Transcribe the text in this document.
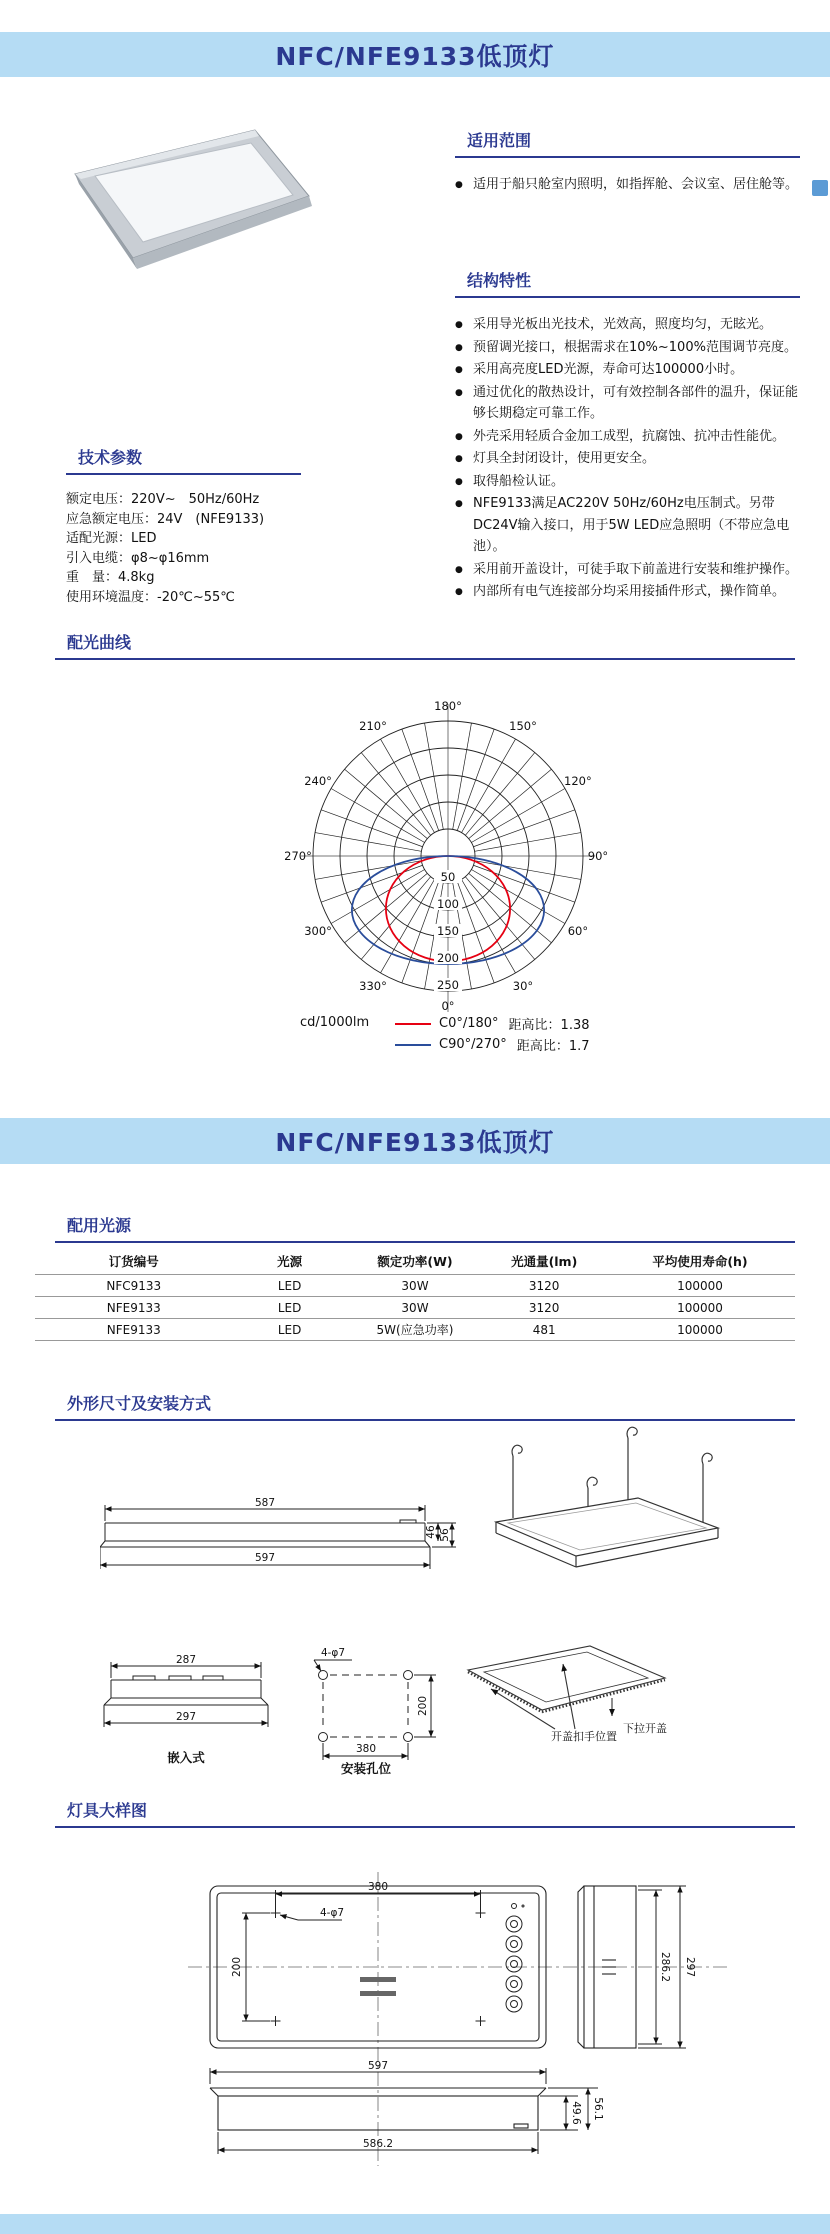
NFC/NFE9133低顶灯
适用范围
● 适用于船只舱室内照明，如指挥舱、会议室、居住舱等。
结构特性
● 采用导光板出光技术，光效高，照度均匀，无眩光。
● 预留调光接口，根据需求在10%~100%范围调节亮度。
● 采用高亮度LED光源，寿命可达100000小时。
● 通过优化的散热设计，可有效控制各部件的温升，保证能够长期稳定可靠工作。
● 外壳采用轻质合金加工成型，抗腐蚀、抗冲击性能优。
● 灯具全封闭设计，使用更安全。
● 取得船检认证。
● NFE9133满足AC220V 50Hz/60Hz电压制式。另带DC24V输入接口，用于5W LED应急照明（不带应急电池）。
● 采用前开盖设计，可徒手取下前盖进行安装和维护操作。
● 内部所有电气连接部分均采用接插件形式，操作简单。
技术参数
额定电压：220V~　50Hz/60Hz
应急额定电压：24V　(NFE9133)
适配光源：LED
引入电缆：φ8~φ16mm
重　量：4.8kg
使用环境温度：-20℃~55℃
配光曲线
50
100
150
200
250
0°
30°
60°
90°
120°
150°
180°
210°
240°
270°
300°
330°
cd/1000lm	C0°/180° 距高比：1.38
C90°/270° 距高比：1.7
NFC/NFE9133低顶灯
配用光源
订货编号	光源	额定功率(W)	光通量(lm)	平均使用寿命(h)
NFC9133	LED	30W	3120	100000
NFE9133	LED	30W	3120	100000
NFE9133	LED	5W(应急功率)	481	100000
外形尺寸及安装方式
587
597
46 56
287
297
嵌入式
4-φ7
200
380
安装孔位
开盖扣手位置
下拉开盖
灯具大样图
380
4-φ7
200	286.2 297
597
586.2
49.6 56.1
